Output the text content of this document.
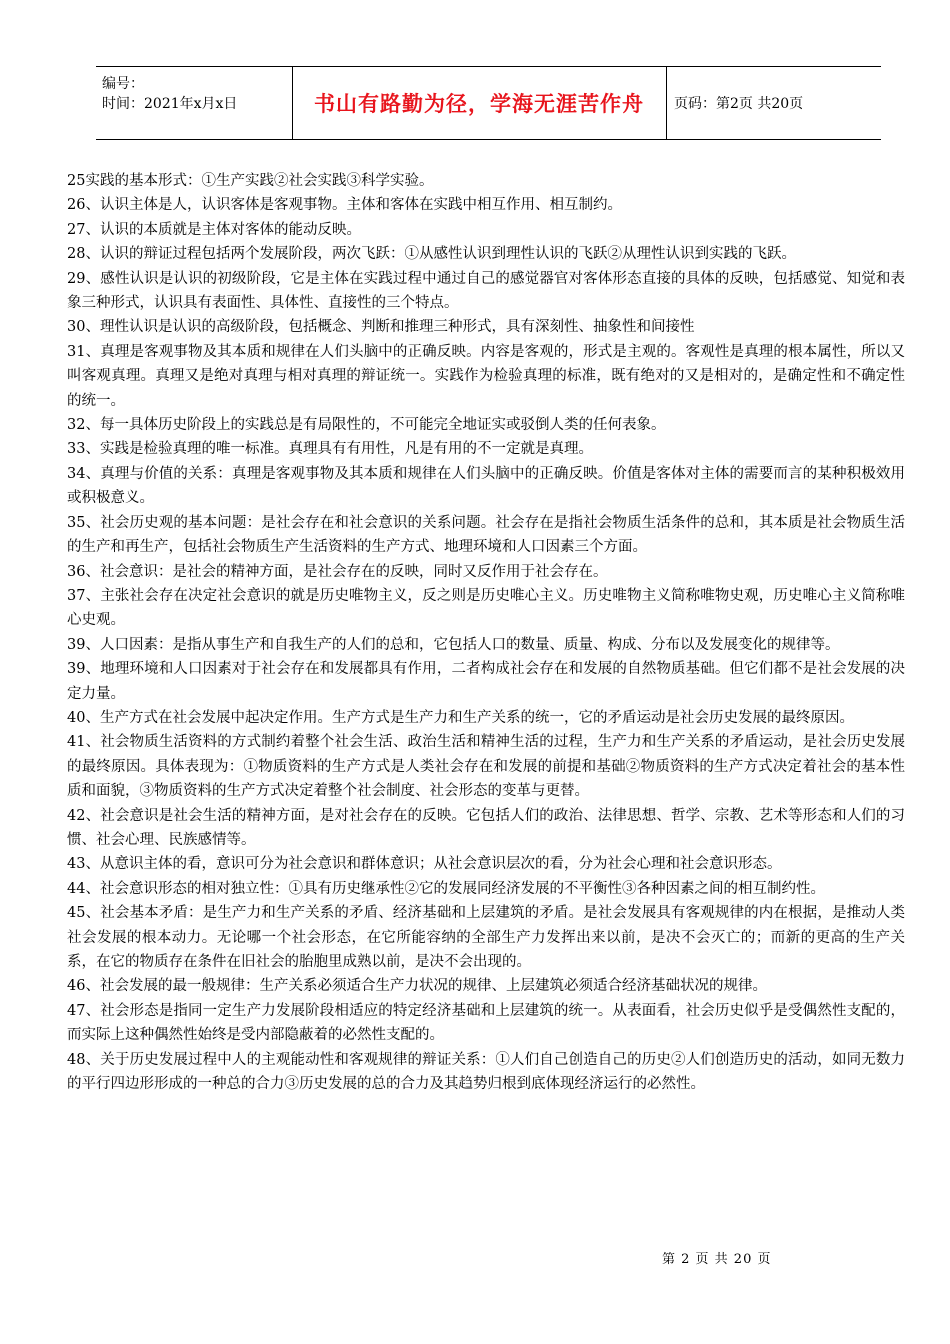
编号：
时间：2021年x月x日	书山有路勤为径，学海无涯苦作舟 页码：第2页 共20页

25实践的基本形式：①生产实践②社会实践③科学实验。

26、认识主体是人，认识客体是客观事物。主体和客体在实践中相互作用、相互制约。

27、认识的本质就是主体对客体的能动反映。

28、认识的辩证过程包括两个发展阶段，两次飞跃：①从感性认识到理性认识的飞跃②从理性认识到实践的飞跃。

29、感性认识是认识的初级阶段，它是主体在实践过程中通过自己的感觉器官对客体形态直接的具体的反映，包括感觉、知觉和表象三种形式，认识具有表面性、具体性、直接性的三个特点。

30、理性认识是认识的高级阶段，包括概念、判断和推理三种形式，具有深刻性、抽象性和间接性

31、真理是客观事物及其本质和规律在人们头脑中的正确反映。内容是客观的，形式是主观的。客观性是真理的根本属性，所以又叫客观真理。真理又是绝对真理与相对真理的辩证统一。实践作为检验真理的标准，既有绝对的又是相对的，是确定性和不确定性的统一。

32、每一具体历史阶段上的实践总是有局限性的，不可能完全地证实或驳倒人类的任何表象。

33、实践是检验真理的唯一标准。真理具有有用性，凡是有用的不一定就是真理。

34、真理与价值的关系：真理是客观事物及其本质和规律在人们头脑中的正确反映。价值是客体对主体的需要而言的某种积极效用或积极意义。

35、社会历史观的基本问题：是社会存在和社会意识的关系问题。社会存在是指社会物质生活条件的总和，其本质是社会物质生活的生产和再生产，包括社会物质生产生活资料的生产方式、地理环境和人口因素三个方面。

36、社会意识：是社会的精神方面，是社会存在的反映，同时又反作用于社会存在。

37、主张社会存在决定社会意识的就是历史唯物主义，反之则是历史唯心主义。历史唯物主义简称唯物史观，历史唯心主义简称唯心史观。

39、人口因素：是指从事生产和自我生产的人们的总和，它包括人口的数量、质量、构成、分布以及发展变化的规律等。

39、地理环境和人口因素对于社会存在和发展都具有作用，二者构成社会存在和发展的自然物质基础。但它们都不是社会发展的决定力量。

40、生产方式在社会发展中起决定作用。生产方式是生产力和生产关系的统一，它的矛盾运动是社会历史发展的最终原因。

41、社会物质生活资料的方式制约着整个社会生活、政治生活和精神生活的过程，生产力和生产关系的矛盾运动，是社会历史发展的最终原因。具体表现为：①物质资料的生产方式是人类社会存在和发展的前提和基础②物质资料的生产方式决定着社会的基本性质和面貌，③物质资料的生产方式决定着整个社会制度、社会形态的变革与更替。

42、社会意识是社会生活的精神方面，是对社会存在的反映。它包括人们的政治、法律思想、哲学、宗教、艺术等形态和人们的习惯、社会心理、民族感情等。

43、从意识主体的看，意识可分为社会意识和群体意识；从社会意识层次的看，分为社会心理和社会意识形态。

44、社会意识形态的相对独立性：①具有历史继承性②它的发展同经济发展的不平衡性③各种因素之间的相互制约性。

45、社会基本矛盾：是生产力和生产关系的矛盾、经济基础和上层建筑的矛盾。是社会发展具有客观规律的内在根据，是推动人类社会发展的根本动力。无论哪一个社会形态，在它所能容纳的全部生产力发挥出来以前，是决不会灭亡的；而新的更高的生产关系，在它的物质存在条件在旧社会的胎胞里成熟以前，是决不会出现的。

46、社会发展的最一般规律：生产关系必须适合生产力状况的规律、上层建筑必须适合经济基础状况的规律。

47、社会形态是指同一定生产力发展阶段相适应的特定经济基础和上层建筑的统一。从表面看，社会历史似乎是受偶然性支配的，而实际上这种偶然性始终是受内部隐蔽着的必然性支配的。

48、关于历史发展过程中人的主观能动性和客观规律的辩证关系：①人们自己创造自己的历史②人们创造历史的活动，如同无数力的平行四边形形成的一种总的合力③历史发展的总的合力及其趋势归根到底体现经济运行的必然性。

第 2 页 共 20 页
